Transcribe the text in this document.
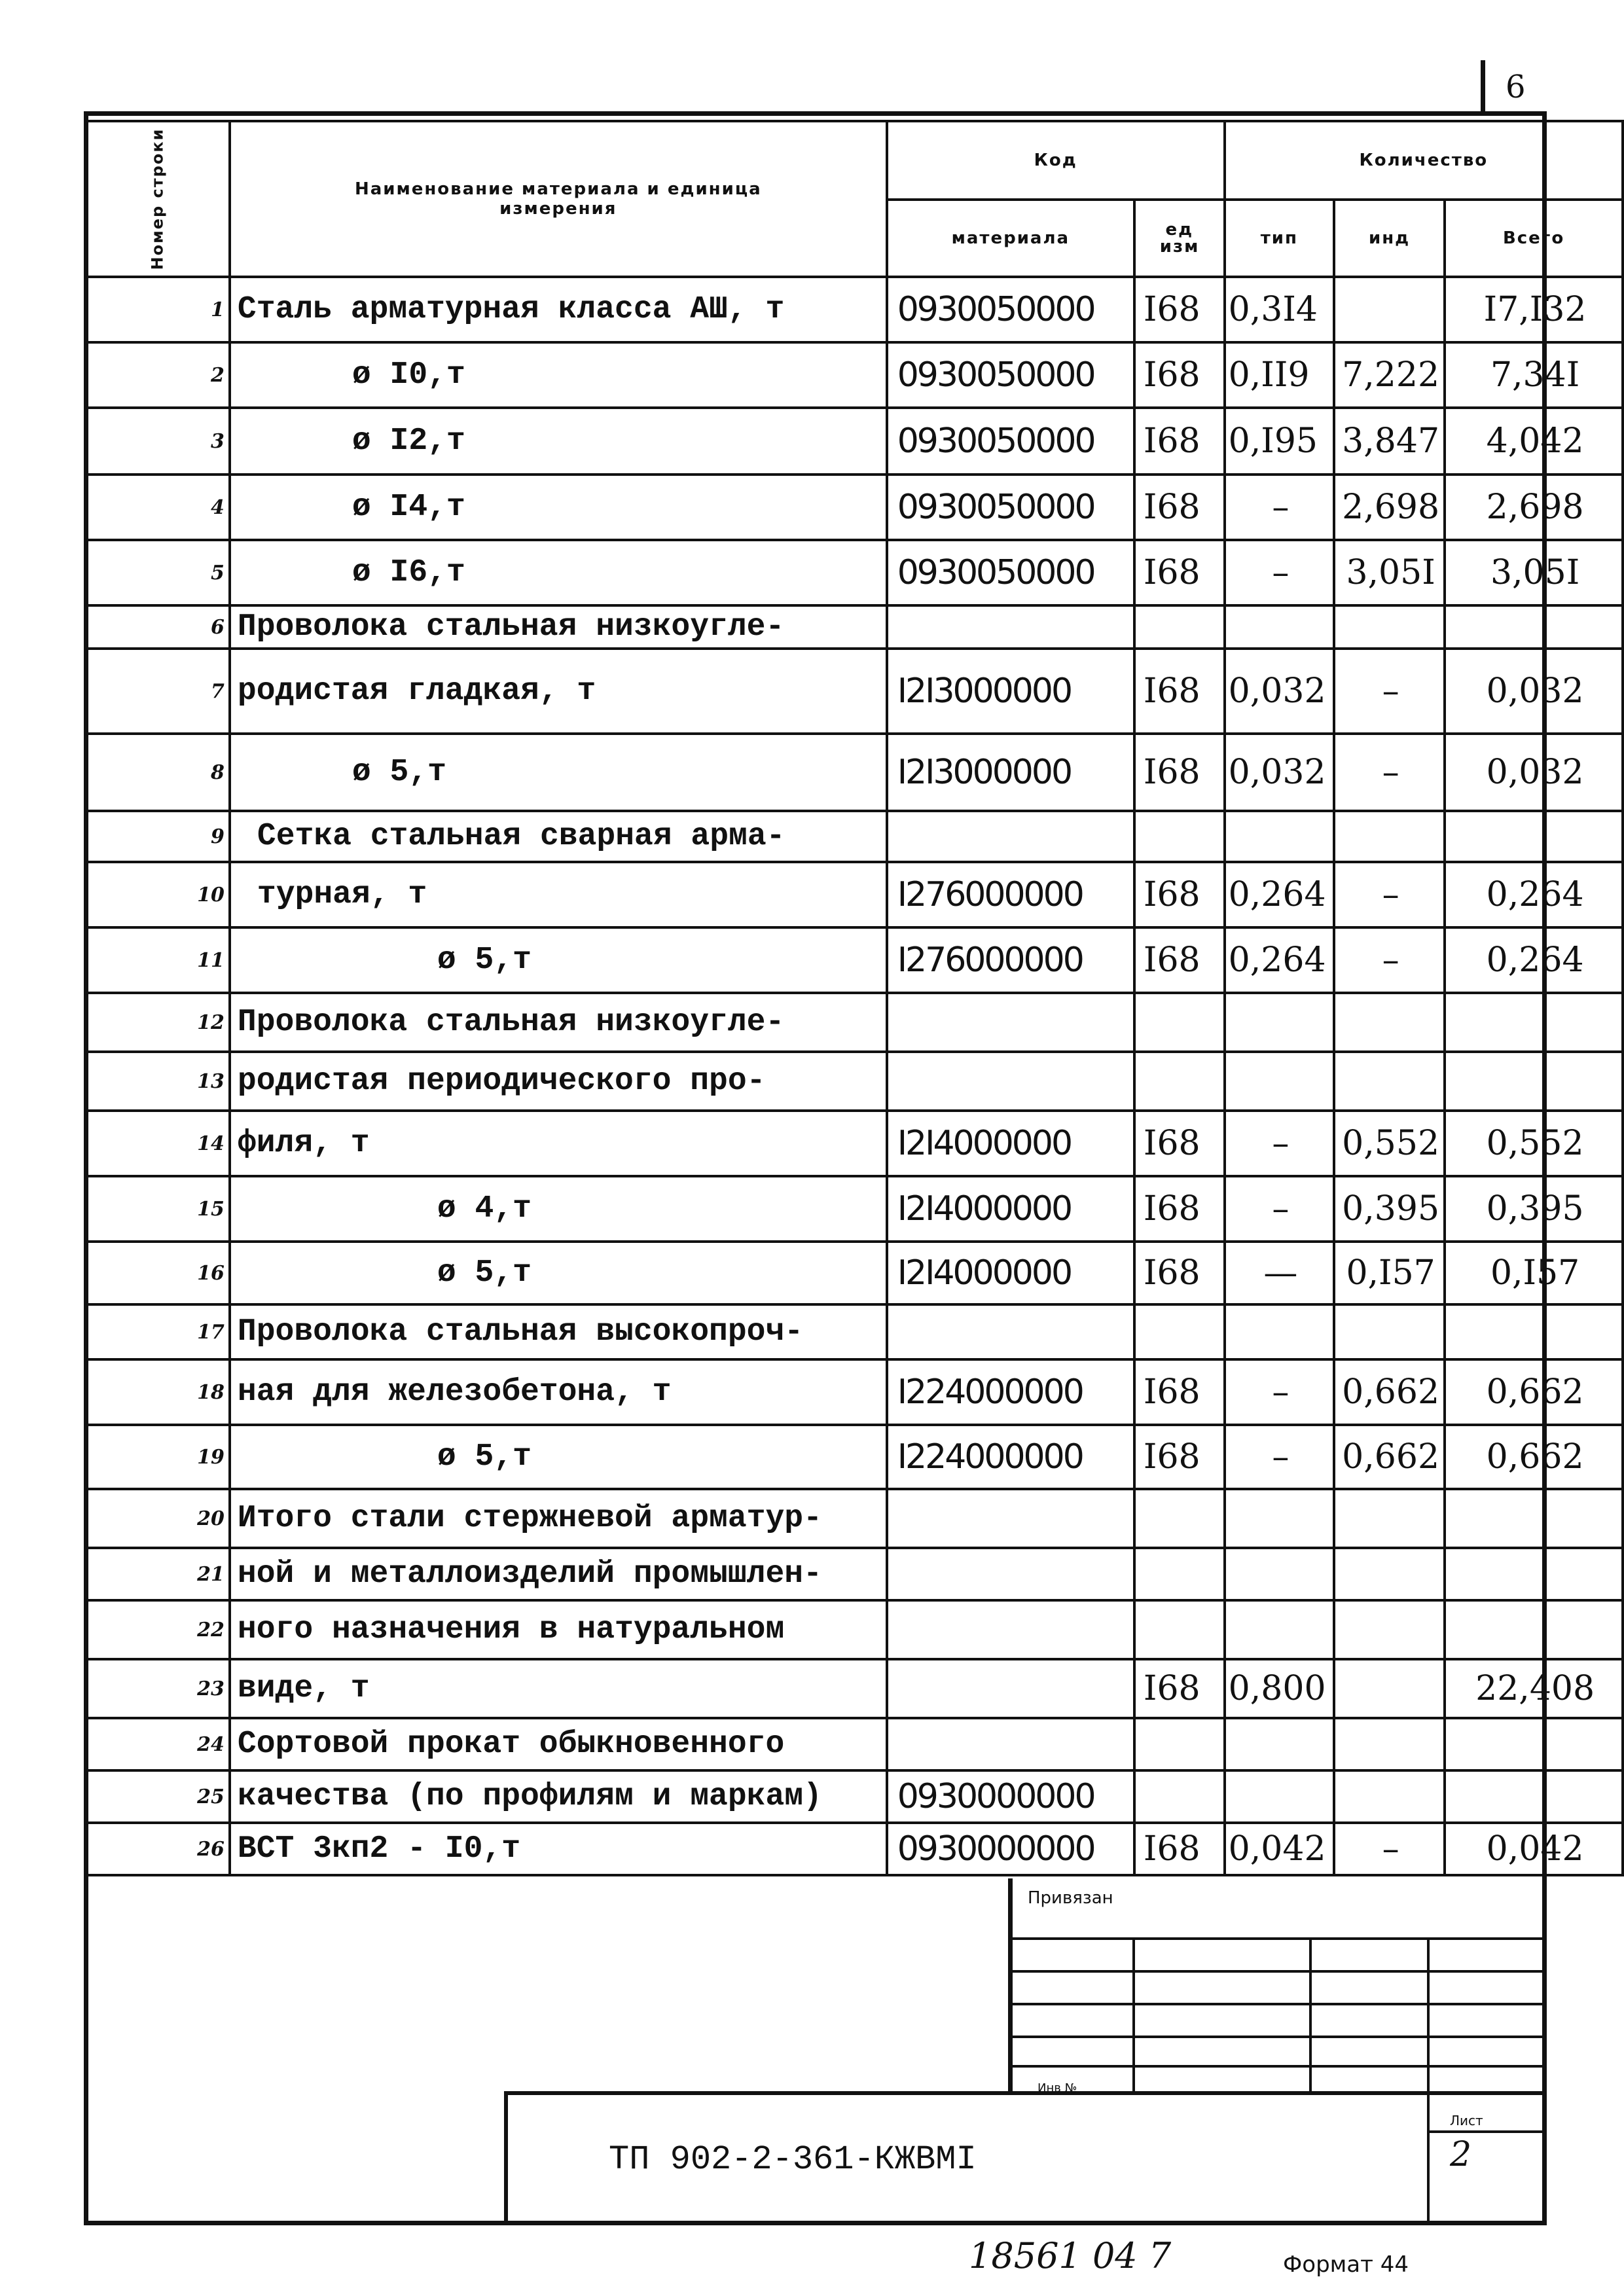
6
Номер строки	Наименование материала и единица измерения	Код		Количество		
		материала	ед изм	тип	инд	Всего
1	Сталь арматурная класса АШ, т	0930050000	I68	0,3I4		I7,I32
2	ø I0,т	0930050000	I68	0,II9	7,222	7,34I
3	ø I2,т	0930050000	I68	0,I95	3,847	4,042
4	ø I4,т	0930050000	I68	–	2,698	2,698
5	ø I6,т	0930050000	I68	–	3,05I	3,05I
6	Проволока стальная низкоугле-					
7	родистая гладкая, т	I2I3000000	I68	0,032	–	0,032
8	ø 5,т	I2I3000000	I68	0,032	–	0,032
9	Сетка стальная сварная арма-					
10	турная, т	I276000000	I68	0,264	–	0,264
11	ø 5,т	I276000000	I68	0,264	–	0,264
12	Проволока стальная низкоугле-					
13	родистая периодического про-					
14	филя, т	I2I4000000	I68	–	0,552	0,552
15	ø 4,т	I2I4000000	I68	–	0,395	0,395
16	ø 5,т	I2I4000000	I68	—	0,I57	0,I57
17	Проволока стальная высокопроч-					
18	ная для железобетона, т	I224000000	I68	–	0,662	0,662
19	ø 5,т	I224000000	I68	–	0,662	0,662
20	Итого стали стержневой арматур-					
21	ной и металлоизделий промышлен-					
22	ного назначения в натуральном					
23	виде, т		I68	0,800		22,408
24	Сортовой прокат обыкновенного					
25	качества (по профилям и маркам)	0930000000				
26	ВСТ 3кп2 - I0,т	0930000000	I68	0,042	–	0,042
Привязан
Инв №
ТП 902-2-361-КЖВМI
Лист
2
18561 04 7	Формат 44
